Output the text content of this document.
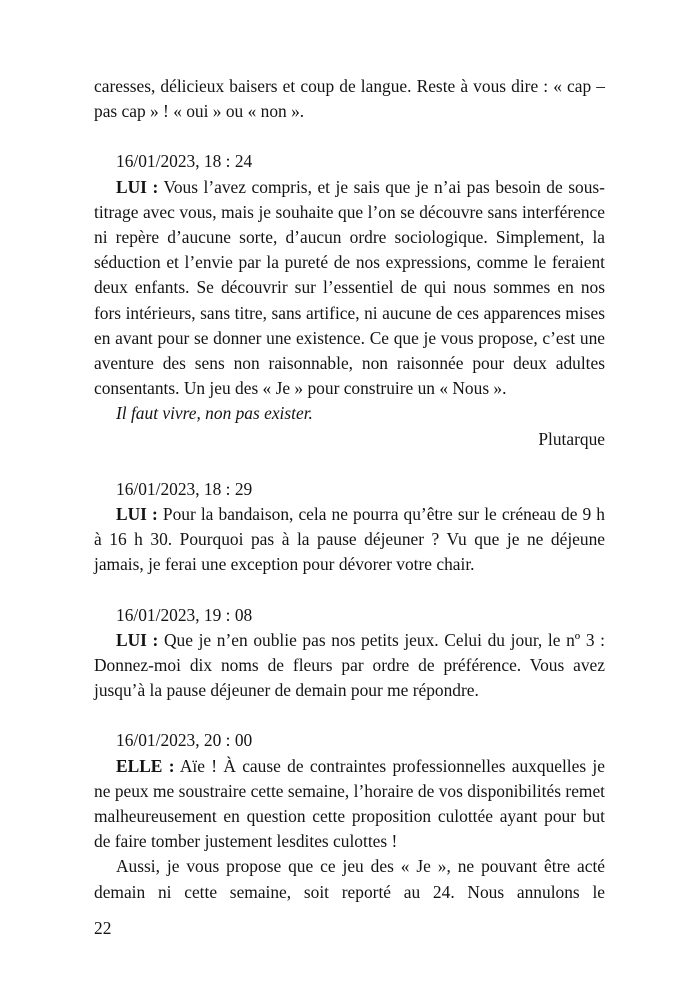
caresses, délicieux baisers et coup de langue. Reste à vous dire : « cap – pas cap » ! « oui » ou « non ».

16/01/2023, 18 : 24

LUI : Vous l’avez compris, et je sais que je n’ai pas besoin de sous-titrage avec vous, mais je souhaite que l’on se découvre sans interférence ni repère d’aucune sorte, d’aucun ordre sociologique. Simplement, la séduction et l’envie par la pureté de nos expressions, comme le feraient deux enfants. Se découvrir sur l’essentiel de qui nous sommes en nos fors intérieurs, sans titre, sans artifice, ni aucune de ces apparences mises en avant pour se donner une existence. Ce que je vous propose, c’est une aventure des sens non raisonnable, non raisonnée pour deux adultes consentants. Un jeu des « Je » pour construire un « Nous ».

Il faut vivre, non pas exister.

Plutarque

16/01/2023, 18 : 29

LUI : Pour la bandaison, cela ne pourra qu’être sur le créneau de 9 h à 16 h 30. Pourquoi pas à la pause déjeuner ? Vu que je ne déjeune jamais, je ferai une exception pour dévorer votre chair.

16/01/2023, 19 : 08

LUI : Que je n’en oublie pas nos petits jeux. Celui du jour, le nº 3 : Donnez-moi dix noms de fleurs par ordre de préférence. Vous avez jusqu’à la pause déjeuner de demain pour me répondre.

16/01/2023, 20 : 00

ELLE : Aïe ! À cause de contraintes professionnelles auxquelles je ne peux me soustraire cette semaine, l’horaire de vos disponibilités remet malheureusement en question cette proposition culottée ayant pour but de faire tomber justement lesdites culottes !

Aussi, je vous propose que ce jeu des « Je », ne pouvant être acté demain ni cette semaine, soit reporté au 24. Nous annulons le

22
